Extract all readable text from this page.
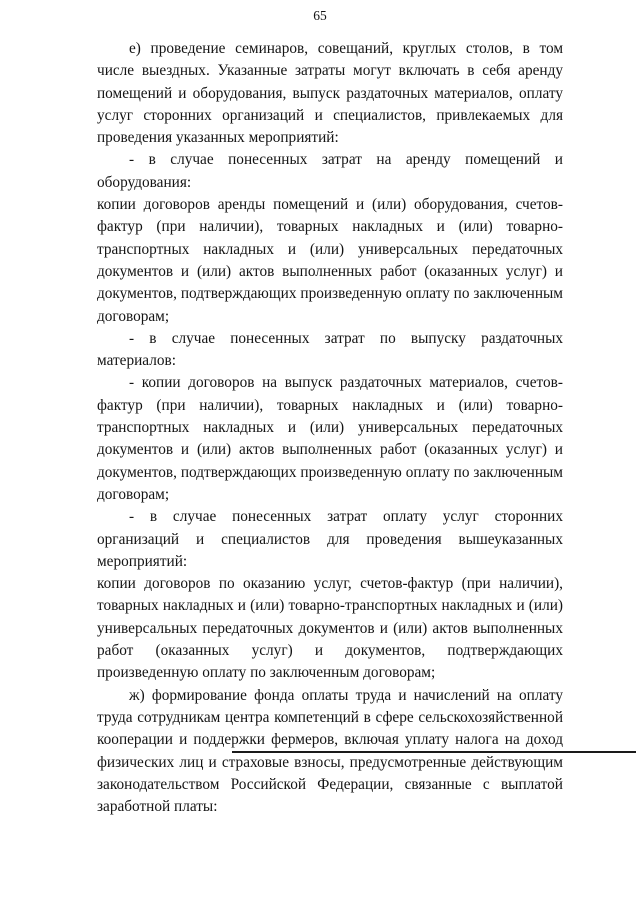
65

е) проведение семинаров, совещаний, круглых столов, в том числе выездных. Указанные затраты могут включать в себя аренду помещений и оборудования, выпуск раздаточных материалов, оплату услуг сторонних организаций и специалистов, привлекаемых для проведения указанных мероприятий:

- в случае понесенных затрат на аренду помещений и оборудования:

копии договоров аренды помещений и (или) оборудования, счетов-фактур (при наличии), товарных накладных и (или) товарно-транспортных накладных и (или) универсальных передаточных документов и (или) актов выполненных работ (оказанных услуг) и документов, подтверждающих произведенную оплату по заключенным договорам;

- в случае понесенных затрат по выпуску раздаточных материалов:

- копии договоров на выпуск раздаточных материалов, счетов-фактур (при наличии), товарных накладных и (или) товарно-транспортных накладных и (или) универсальных передаточных документов и (или) актов выполненных работ (оказанных услуг) и документов, подтверждающих произведенную оплату по заключенным договорам;

- в случае понесенных затрат оплату услуг сторонних организаций и специалистов для проведения вышеуказанных мероприятий:

копии договоров по оказанию услуг, счетов-фактур (при наличии), товарных накладных и (или) товарно-транспортных накладных и (или) универсальных передаточных документов и (или) актов выполненных работ (оказанных услуг) и документов, подтверждающих произведенную оплату по заключенным договорам;

ж) формирование фонда оплаты труда и начислений на оплату труда сотрудникам центра компетенций в сфере сельскохозяйственной кооперации и поддержки фермеров, включая уплату налога на доход физических лиц и страховые взносы, предусмотренные действующим законодательством Российской Федерации, связанные с выплатой заработной платы:
